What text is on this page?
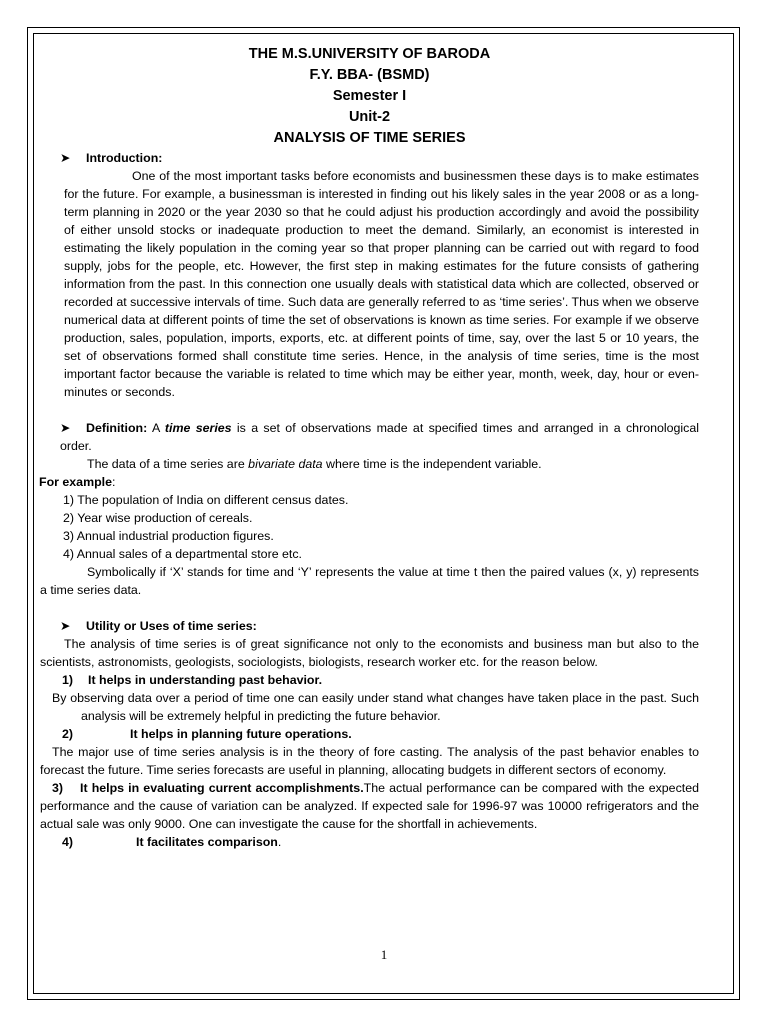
THE M.S.UNIVERSITY OF BARODA
F.Y. BBA- (BSMD)
Semester I
Unit-2
ANALYSIS OF TIME SERIES
➤ Introduction:
One of the most important tasks before economists and businessmen these days is to make estimates for the future. For example, a businessman is interested in finding out his likely sales in the year 2008 or as a long-term planning in 2020 or the year 2030 so that he could adjust his production accordingly and avoid the possibility of either unsold stocks or inadequate production to meet the demand. Similarly, an economist is interested in estimating the likely population in the coming year so that proper planning can be carried out with regard to food supply, jobs for the people, etc. However, the first step in making estimates for the future consists of gathering information from the past. In this connection one usually deals with statistical data which are collected, observed or recorded at successive intervals of time. Such data are generally referred to as ‘time series’. Thus when we observe numerical data at different points of time the set of observations is known as time series. For example if we observe production, sales, population, imports, exports, etc. at different points of time, say, over the last 5 or 10 years, the set of observations formed shall constitute time series. Hence, in the analysis of time series, time is the most important factor because the variable is related to time which may be either year, month, week, day, hour or even- minutes or seconds.
➤ Definition: A time series is a set of observations made at specified times and arranged in a chronological order.
The data of a time series are bivariate data where time is the independent variable.
For example:
1) The population of India on different census dates.
2) Year wise production of cereals.
3) Annual industrial production figures.
4) Annual sales of a departmental store etc.
Symbolically if ‘X’ stands for time and ‘Y’ represents the value at time t then the paired values (x, y) represents a time series data.
➤ Utility or Uses of time series:
The analysis of time series is of great significance not only to the economists and business man but also to the scientists, astronomists, geologists, sociologists, biologists, research worker etc. for the reason below.
1) It helps in understanding past behavior.
By observing data over a period of time one can easily under stand what changes have taken place in the past. Such analysis will be extremely helpful in predicting the future behavior.
2)	It helps in planning future operations.
The major use of time series analysis is in the theory of fore casting. The analysis of the past behavior enables to forecast the future. Time series forecasts are useful in planning, allocating budgets in different sectors of economy.
3) It helps in evaluating current accomplishments.The actual performance can be compared with the expected performance and the cause of variation can be analyzed. If expected sale for 1996-97 was 10000 refrigerators and the actual sale was only 9000. One can investigate the cause for the shortfall in achievements.
4)	It facilitates comparison.
1
